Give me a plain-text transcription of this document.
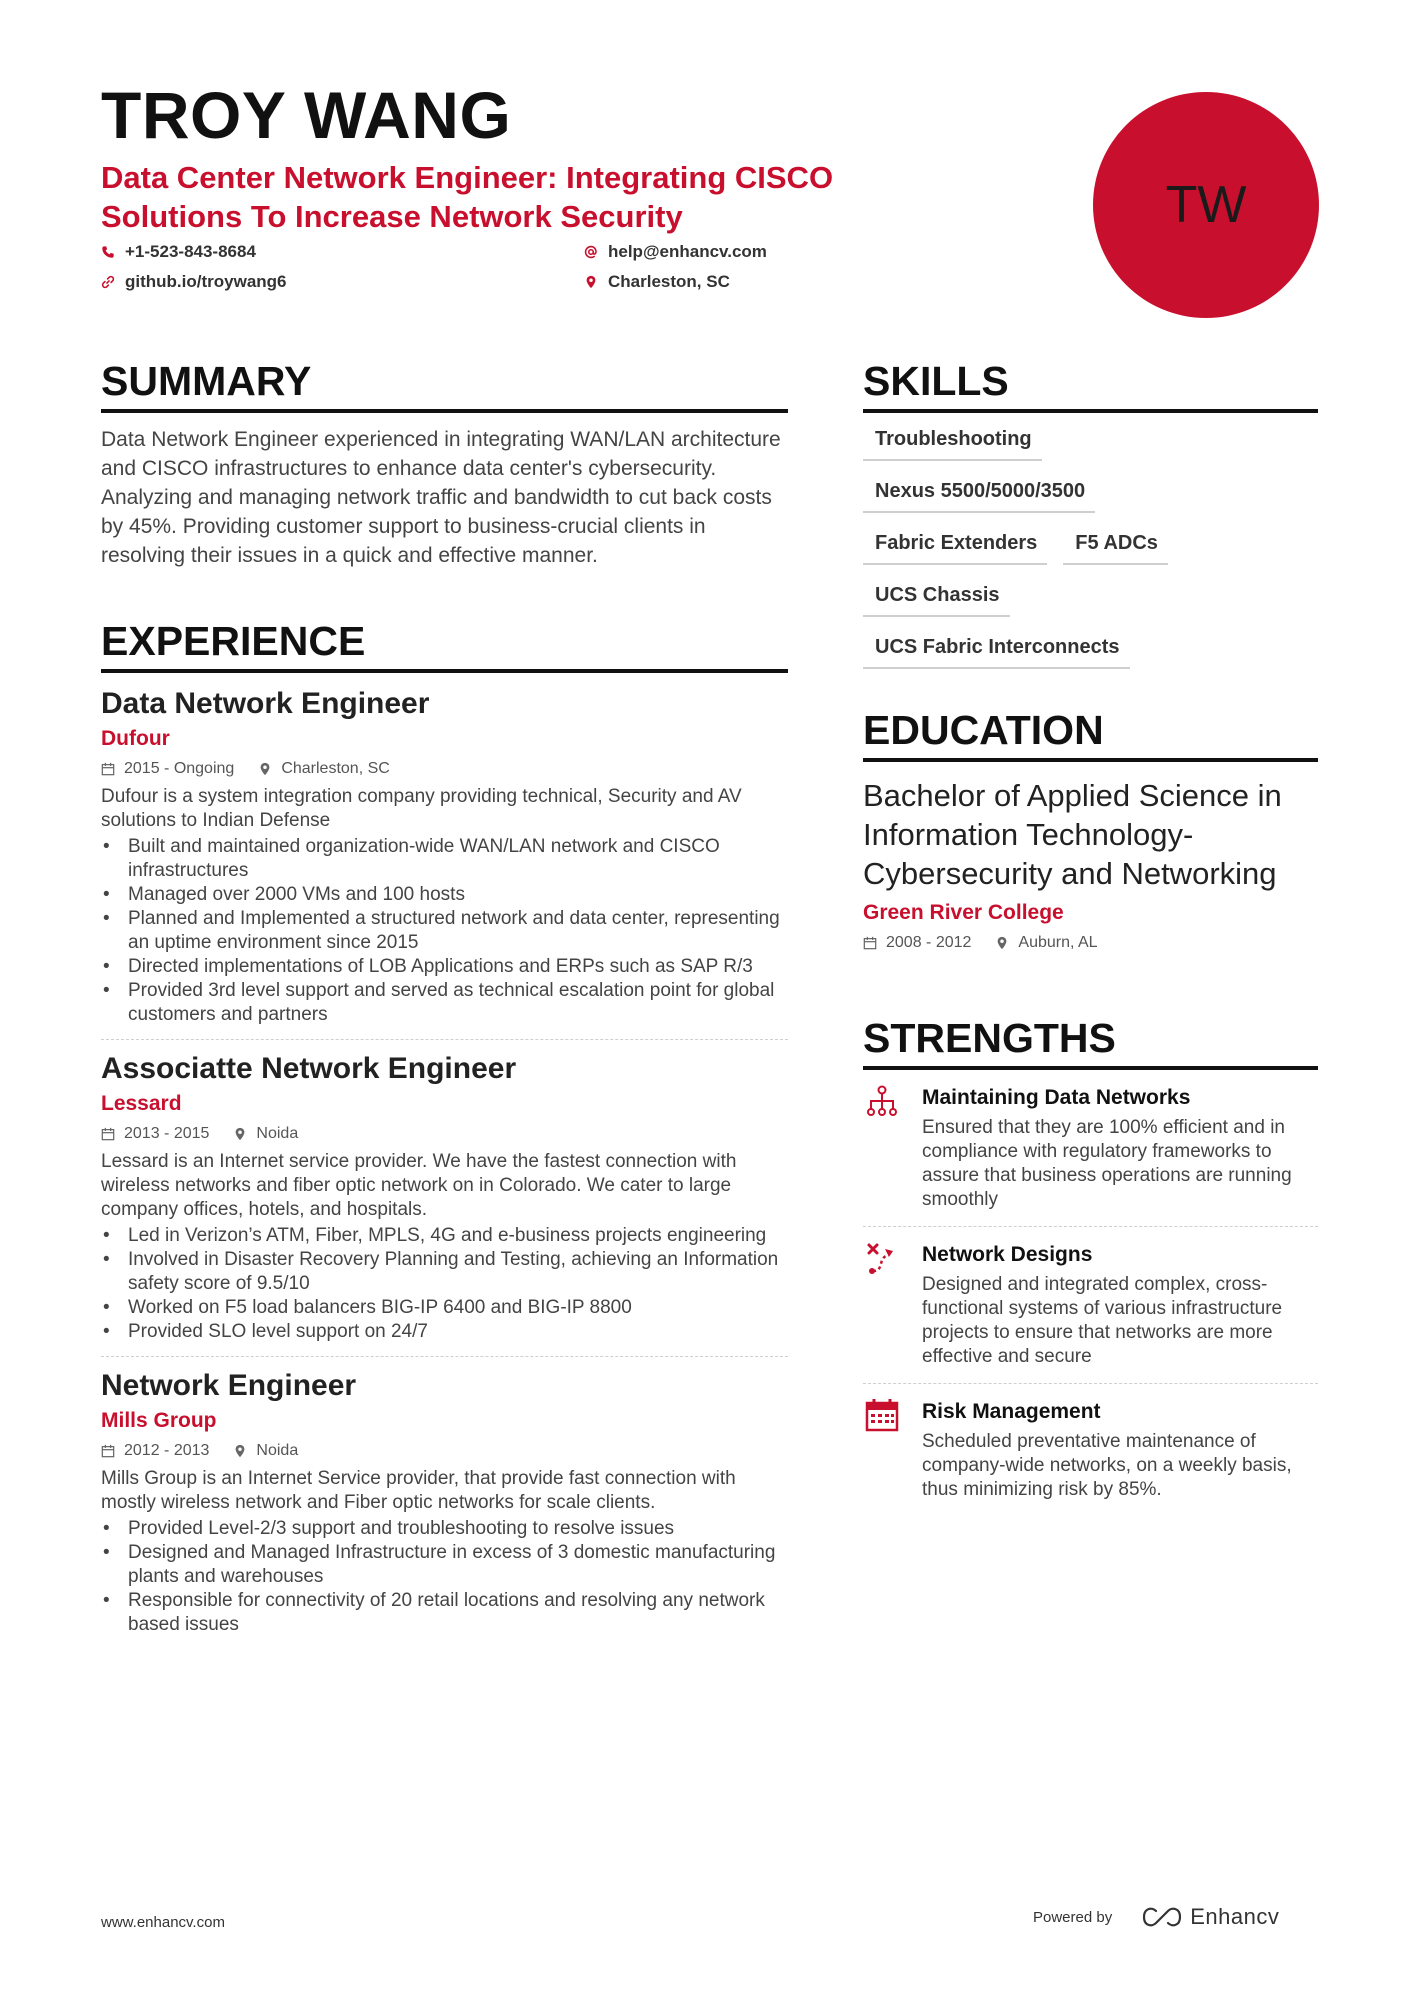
TROY WANG

Data Center Network Engineer: Integrating CISCO Solutions To Increase Network Security

+1-523-843-8684	help@enhancv.com
github.io/troywang6	Charleston, SC
TW
SUMMARY

Data Network Engineer experienced in integrating WAN/LAN architecture and CISCO infrastructures to enhance data center's cybersecurity. Analyzing and managing network traffic and bandwidth to cut back costs by 45%. Providing customer support to business-crucial clients in resolving their issues in a quick and effective manner.

EXPERIENCE
Data Network Engineer

Dufour

2015 - Ongoing	Charleston, SC

Dufour is a system integration company providing technical, Security and AV solutions to Indian Defense

• Built and maintained organization-wide WAN/LAN network and CISCO infrastructures
• Managed over 2000 VMs and 100 hosts
• Planned and Implemented a structured network and data center, representing an uptime environment since 2015
• Directed implementations of LOB Applications and ERPs such as SAP R/3
• Provided 3rd level support and served as technical escalation point for global customers and partners
Associatte Network Engineer

Lessard

2013 - 2015	Noida

Lessard is an Internet service provider. We have the fastest connection with wireless networks and fiber optic network on in Colorado. We cater to large company offices, hotels, and hospitals.

• Led in Verizon’s ATM, Fiber, MPLS, 4G and e-business projects engineering
• Involved in Disaster Recovery Planning and Testing, achieving an Information safety score of 9.5/10
• Worked on F5 load balancers BIG-IP 6400 and BIG-IP 8800
• Provided SLO level support on 24/7
Network Engineer

Mills Group

2012 - 2013	Noida

Mills Group is an Internet Service provider, that provide fast connection with mostly wireless network and Fiber optic networks for scale clients.

• Provided Level-2/3 support and troubleshooting to resolve issues
• Designed and Managed Infrastructure in excess of 3 domestic manufacturing plants and warehouses
• Responsible for connectivity of 20 retail locations and resolving any network based issues
SKILLS
Troubleshooting
Nexus 5500/5000/3500
Fabric Extenders	F5 ADCs
UCS Chassis
UCS Fabric Interconnects
EDUCATION

Bachelor of Applied Science in Information Technology- Cybersecurity and Networking

Green River College

2008 - 2012	Auburn, AL
STRENGTHS

Maintaining Data Networks

Ensured that they are 100% efficient and in compliance with regulatory frameworks to assure that business operations are running smoothly

Network Designs

Designed and integrated complex, cross-functional systems of various infrastructure projects to ensure that networks are more effective and secure

Risk Management

Scheduled preventative maintenance of company-wide networks, on a weekly basis, thus minimizing risk by 85%.

www.enhancv.com	Powered by	Enhancv
